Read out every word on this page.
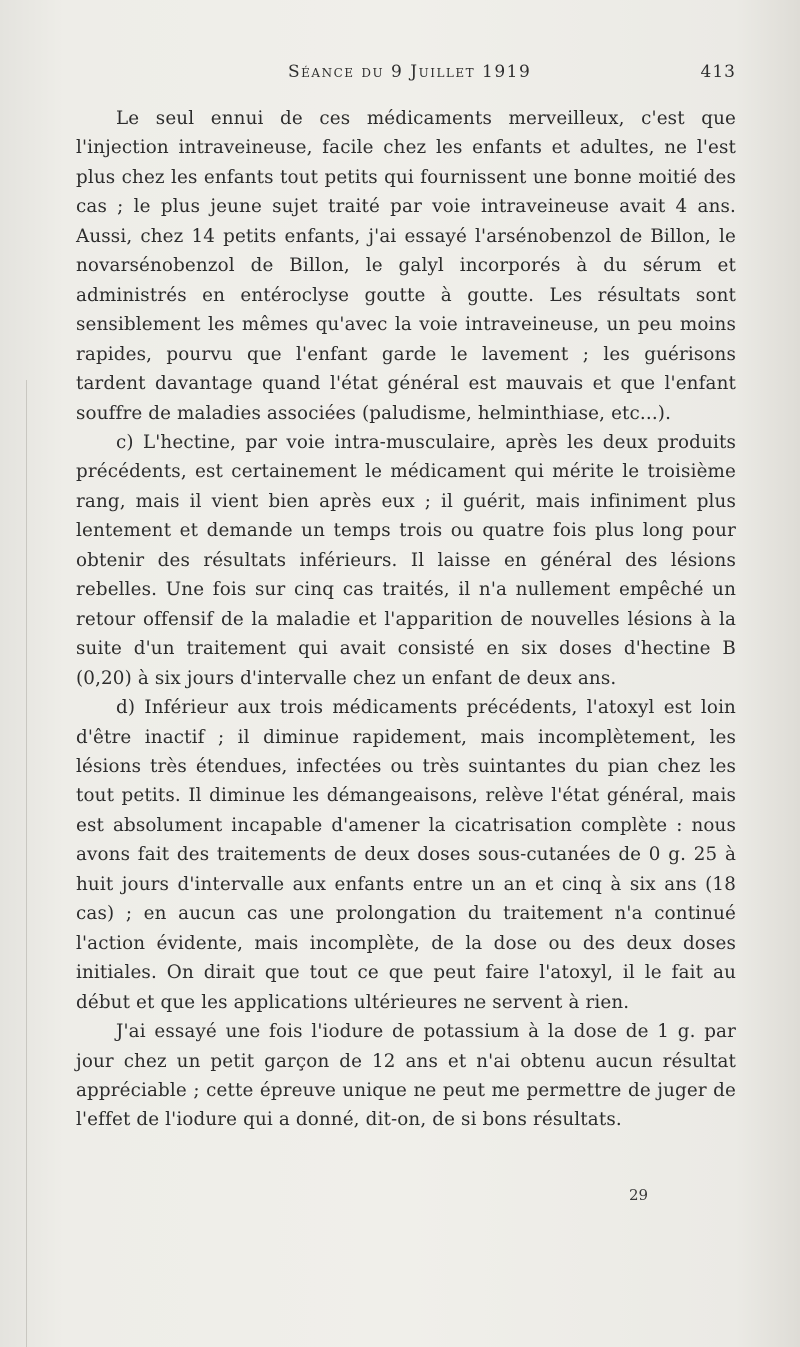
Séance du 9 Juillet 1919	413

Le seul ennui de ces médicaments merveilleux, c'est que l'injection intraveineuse, facile chez les enfants et adultes, ne l'est plus chez les enfants tout petits qui fournissent une bonne moitié des cas ; le plus jeune sujet traité par voie intraveineuse avait 4 ans. Aussi, chez 14 petits enfants, j'ai essayé l'arsénobenzol de Billon, le novarsénobenzol de Billon, le galyl incorporés à du sérum et administrés en entéroclyse goutte à goutte. Les résultats sont sensiblement les mêmes qu'avec la voie intraveineuse, un peu moins rapides, pourvu que l'enfant garde le lavement ; les guérisons tardent davantage quand l'état général est mauvais et que l'enfant souffre de maladies associées (paludisme, helminthiase, etc...).

c) L'hectine, par voie intra-musculaire, après les deux produits précédents, est certainement le médicament qui mérite le troisième rang, mais il vient bien après eux ; il guérit, mais infiniment plus lentement et demande un temps trois ou quatre fois plus long pour obtenir des résultats inférieurs. Il laisse en général des lésions rebelles. Une fois sur cinq cas traités, il n'a nullement empêché un retour offensif de la maladie et l'apparition de nouvelles lésions à la suite d'un traitement qui avait consisté en six doses d'hectine B (0,20) à six jours d'intervalle chez un enfant de deux ans.

d) Inférieur aux trois médicaments précédents, l'atoxyl est loin d'être inactif ; il diminue rapidement, mais incomplètement, les lésions très étendues, infectées ou très suintantes du pian chez les tout petits. Il diminue les démangeaisons, relève l'état général, mais est absolument incapable d'amener la cicatrisation complète : nous avons fait des traitements de deux doses sous-cutanées de 0 g. 25 à huit jours d'intervalle aux enfants entre un an et cinq à six ans (18 cas) ; en aucun cas une prolongation du traitement n'a continué l'action évidente, mais incomplète, de la dose ou des deux doses initiales. On dirait que tout ce que peut faire l'atoxyl, il le fait au début et que les applications ultérieures ne servent à rien.

J'ai essayé une fois l'iodure de potassium à la dose de 1 g. par jour chez un petit garçon de 12 ans et n'ai obtenu aucun résultat appréciable ; cette épreuve unique ne peut me permettre de juger de l'effet de l'iodure qui a donné, dit-on, de si bons résultats.

29
